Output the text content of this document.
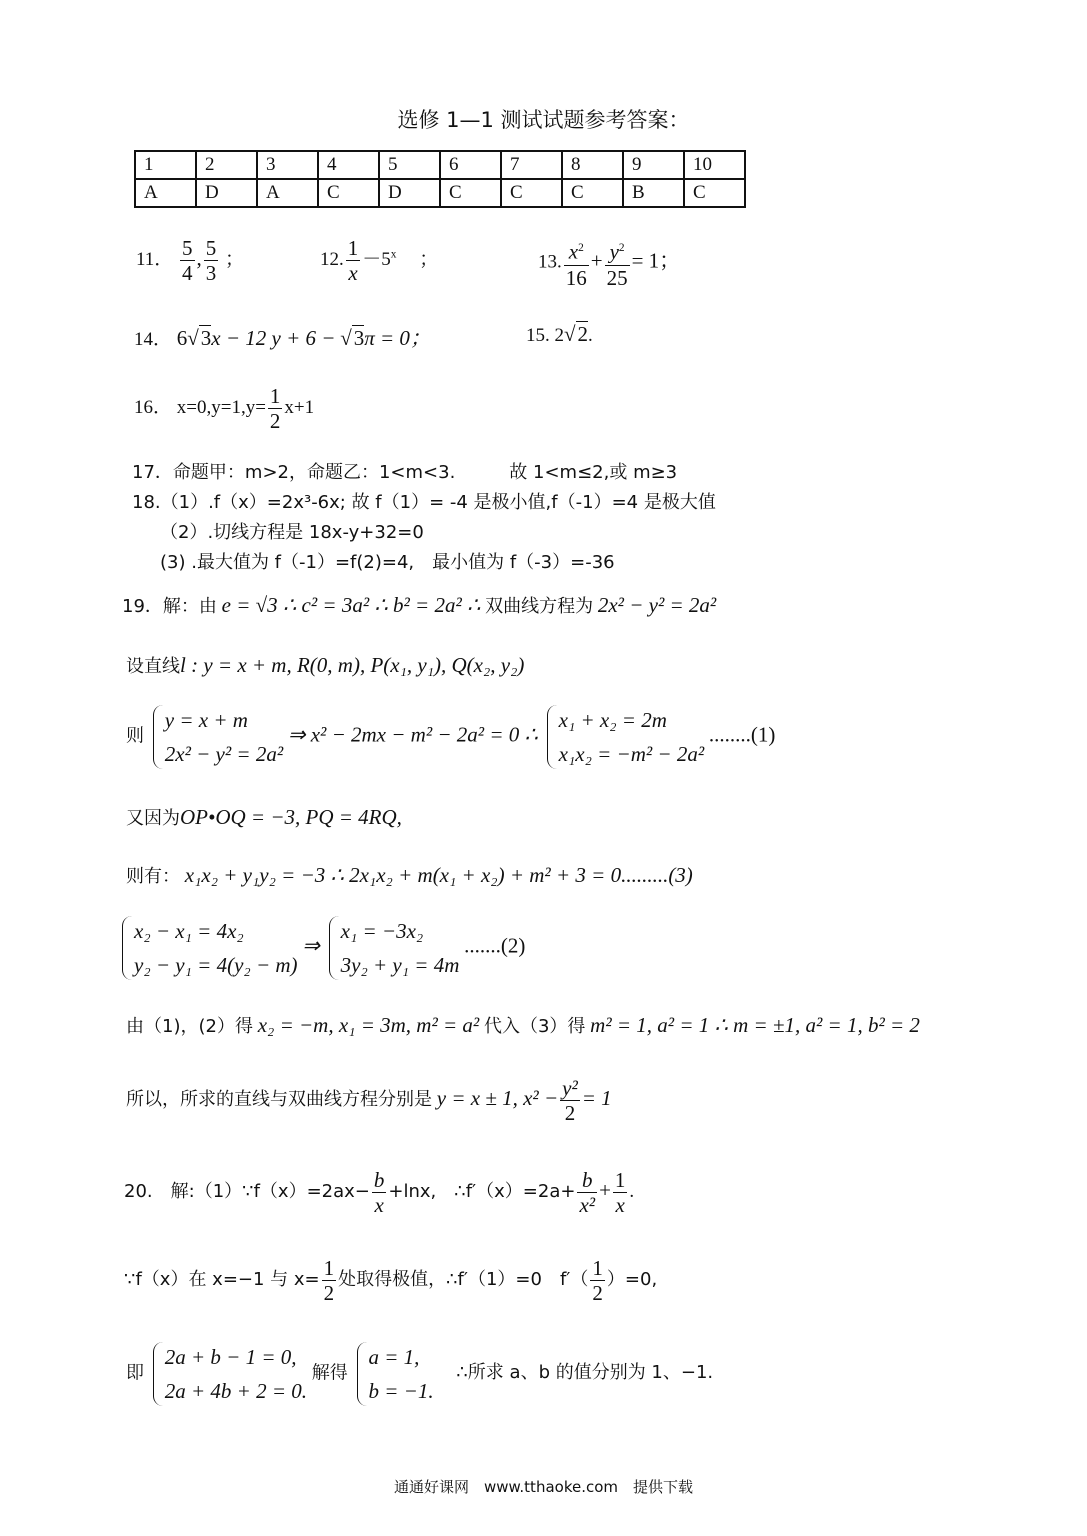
选修 1—1 测试试题参考答案：
1	2	3	4	5	6	7	8	9	10
A	D	A	C	D	C	C	C	B	C
11． $\frac{5}{4}$ , $\frac{5}{3}$ ；	12. $\frac{1}{x} -5^x$ ；	13. $\frac{x^2}{16} + \frac{y^2}{25} = 1$；
14． 6√3x − 12 y + 6 − √3π = 0；	15. 2√2.
16． $x=0,y=1,y= \frac{1}{2} x+1$
17．命题甲：m>2，命题乙：1<m<3.　　　故 1<m≤2,或 m≥3
18.（1）.f（x）=2x³-6x; 故 f（1）= -4 是极小值,f（-1）=4 是极大值
（2）.切线方程是 18x-y+32=0
(3) .最大值为 f（-1）=f(2)=4,　最小值为 f（-3）=-36
19．解：由 e = √3 ∴ c² = 3a² ∴ b² = 2a² ∴ 双曲线方程为 2x² − y² = 2a²
设直线l : y = x + m, R(0, m), P(x₁, y₁), Q(x₂, y₂)
则
y = x + m
2x² − y² = 2a²
⇒ x² − 2mx − m² − 2a² = 0 ∴
x₁ + x₂ = 2m
x₁x₂ = −m² − 2a²
........(1)
又因为OP•OQ = −3, PQ = 4RQ,
则有： x₁x₂ + y₁y₂ = −3 ∴ 2x₁x₂ + m(x₁ + x₂) + m² + 3 = 0.........(3)
x₂ − x₁ = 4x₂
y₂ − y₁ = 4(y₂ − m)
⇒
x₁ = −3x₂
3y₂ + y₁ = 4m
.......(2)
由（1)，(2）得 x₂ = −m, x₁ = 3m, m² = a² 代入（3）得 m² = 1, a² = 1 ∴ m = ±1, a² = 1, b² = 2
所以，所求的直线与双曲线方程分别是 y = x ± 1, $x^2 - \frac{\text{y²}}{2} = 1$
20.　解:（1）∵f（x）=2ax− $\frac{b}{x} +\ln x$,　∴f′（x）=2a+ $\frac{b}{\text{x²}} + \frac{1}{x}$ .
∵f（x）在 x=−1 与 $x= \frac{1}{2}$ 处取得极值，∴f′（1）=0　$f'( \frac{1}{2} )=0$,
即
2a + b − 1 = 0,
2a + 4b + 2 = 0.
解得
a = 1,
b = −1.
∴所求 a、b 的值分别为 1、−1.
通通好课网　www.tthaoke.com　提供下载
